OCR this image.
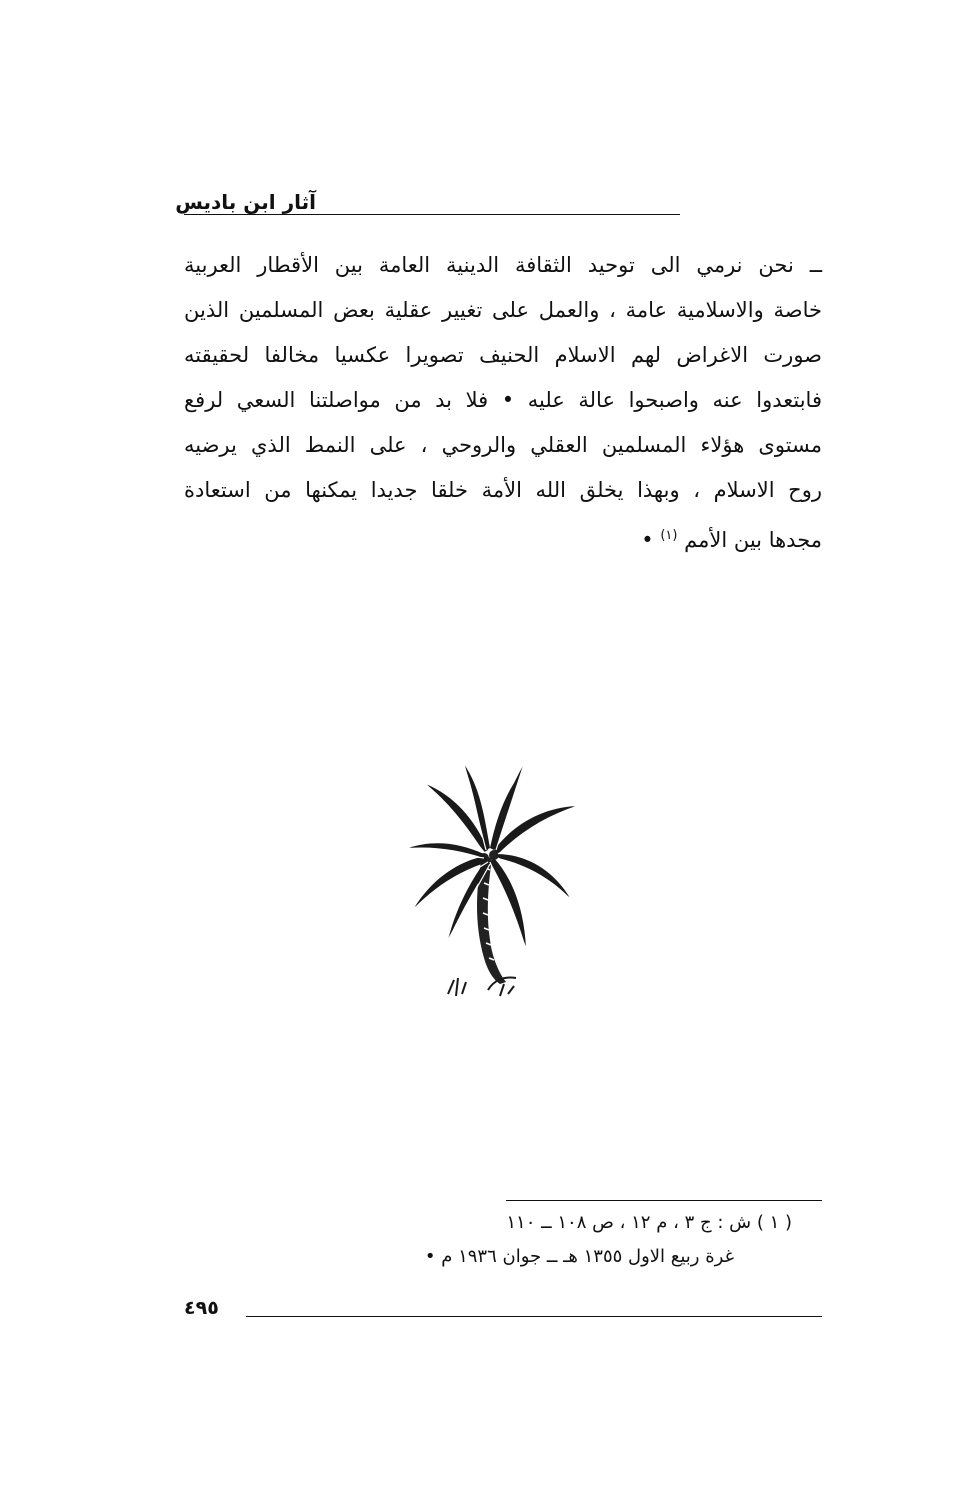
آثار ابن باديس
ــ نحن نرمي الى توحيد الثقافة الدينية العامة بين الأقطار العربية
خاصة والاسلامية عامة ، والعمل على تغيير عقلية بعض المسلمين الذين
صورت الاغراض لهم الاسلام الحنيف تصويرا عكسيا مخالفا لحقيقته
فابتعدوا عنه واصبحوا عالة عليه • فلا بد من مواصلتنا السعي لرفع
مستوى هؤلاء المسلمين العقلي والروحي ، على النمط الذي يرضيه
روح الاسلام ، وبهذا يخلق الله الأمة خلقا جديدا يمكنها من استعادة
مجدها بين الأمم $^{(١)}$ •
( ١ ) ش : ج ٣ ، م ١٢ ، ص ١٠٨ ــ ١١٠
غرة ربيع الاول ١٣٥٥ هـ ــ جوان ١٩٣٦ م •
٤٩٥
